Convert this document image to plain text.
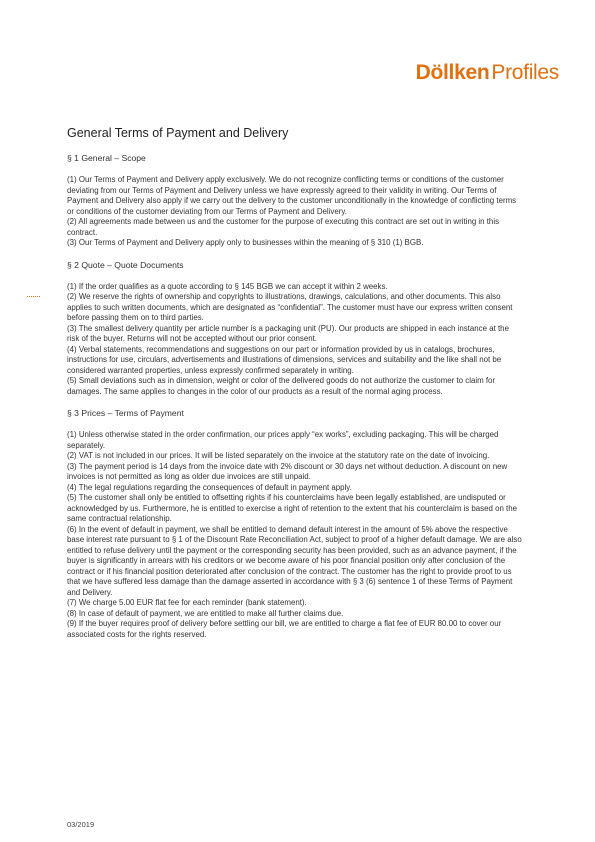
DöllkenProfiles
General Terms of Payment and Delivery
§ 1 General – Scope

(1) Our Terms of Payment and Delivery apply exclusively. We do not recognize conflicting terms or conditions of the customer deviating from our Terms of Payment and Delivery unless we have expressly agreed to their validity in writing. Our Terms of Payment and Delivery also apply if we carry out the delivery to the customer unconditionally in the knowledge of conflicting terms or conditions of the customer deviating from our Terms of Payment and Delivery.

(2) All agreements made between us and the customer for the purpose of executing this contract are set out in writing in this contract.

(3) Our Terms of Payment and Delivery apply only to businesses within the meaning of § 310 (1) BGB.

§ 2 Quote – Quote Documents

(1) If the order qualifies as a quote according to § 145 BGB we can accept it within 2 weeks.

(2) We reserve the rights of ownership and copyrights to illustrations, drawings, calculations, and other documents. This also applies to such written documents, which are designated as “confidential”. The customer must have our express written consent before passing them on to third parties.

(3) The smallest delivery quantity per article number is a packaging unit (PU). Our products are shipped in each instance at the risk of the buyer. Returns will not be accepted without our prior consent.

(4) Verbal statements, recommendations and suggestions on our part or information provided by us in catalogs, brochures, instructions for use, circulars, advertisements and illustrations of dimensions, services and suitability and the like shall not be considered warranted properties, unless expressly confirmed separately in writing.

(5) Small deviations such as in dimension, weight or color of the delivered goods do not authorize the customer to claim for damages. The same applies to changes in the color of our products as a result of the normal aging process.

§ 3 Prices – Terms of Payment

(1) Unless otherwise stated in the order confirmation, our prices apply “ex works”, excluding packaging. This will be charged separately.

(2) VAT is not included in our prices. It will be listed separately on the invoice at the statutory rate on the date of invoicing.

(3) The payment period is 14 days from the invoice date with 2% discount or 30 days net without deduction. A discount on new invoices is not permitted as long as older due invoices are still unpaid.

(4) The legal regulations regarding the consequences of default in payment apply.

(5) The customer shall only be entitled to offsetting rights if his counterclaims have been legally established, are undisputed or acknowledged by us. Furthermore, he is entitled to exercise a right of retention to the extent that his counterclaim is based on the same contractual relationship.

(6) In the event of default in payment, we shall be entitled to demand default interest in the amount of 5% above the respective base interest rate pursuant to § 1 of the Discount Rate Reconciliation Act, subject to proof of a higher default damage. We are also entitled to refuse delivery until the payment or the corresponding security has been provided, such as an advance payment, if the buyer is significantly in arrears with his creditors or we become aware of his poor financial position only after conclusion of the contract or if his financial position deteriorated after conclusion of the contract. The customer has the right to provide proof to us that we have suffered less damage than the damage asserted in accordance with § 3 (6) sentence 1 of these Terms of Payment and Delivery.

(7) We charge 5.00 EUR flat fee for each reminder (bank statement).

(8) In case of default of payment, we are entitled to make all further claims due.

(9) If the buyer requires proof of delivery before settling our bill, we are entitled to charge a flat fee of EUR 80.00 to cover our associated costs for the rights reserved.

03/2019
